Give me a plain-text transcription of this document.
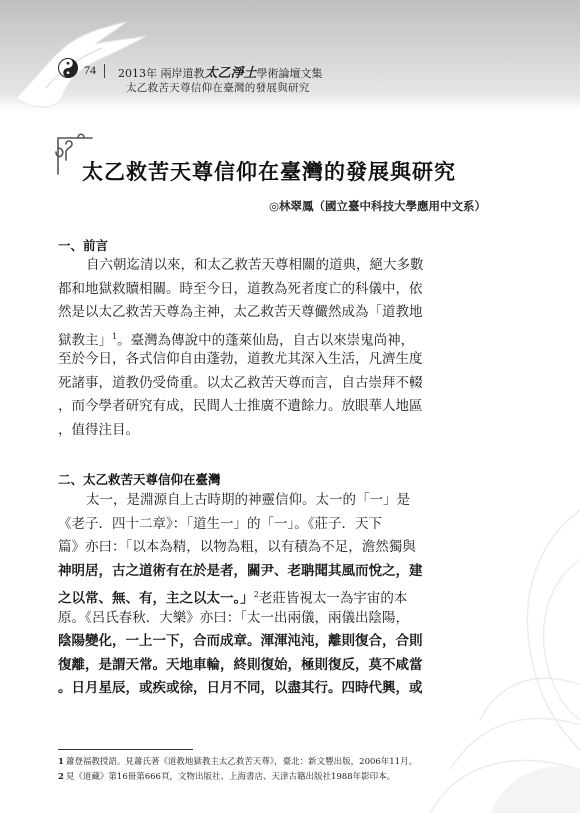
74 2013年 兩岸道教太乙淨土學術論壇文集
太乙救苦天尊信仰在臺灣的發展與研究
太乙救苦天尊信仰在臺灣的發展與研究
◎林翠鳳（國立臺中科技大學應用中文系）
一、前言
自六朝迄清以來，和太乙救苦天尊相關的道典，絕大多數
都和地獄救贖相關。時至今日，道教為死者度亡的科儀中，依
然是以太乙救苦天尊為主神，太乙救苦天尊儼然成為「道教地
獄教主」$^1$。臺灣為傳說中的蓬萊仙島，自古以來崇鬼尚神，
至於今日，各式信仰自由蓬勃，道教尤其深入生活，凡濟生度
死諸事，道教仍受倚重。以太乙救苦天尊而言，自古崇拜不輟
，而今學者研究有成，民間人士推廣不遺餘力。放眼華人地區
，值得注目。
二、太乙救苦天尊信仰在臺灣
太一，是淵源自上古時期的神靈信仰。太一的「一」是
《老子．四十二章》：「道生一」的「一」。《莊子．天下
篇》亦曰：「以本為精，以物為粗，以有積為不足，澹然獨與
神明居，古之道術有在於是者，關尹、老聃聞其風而悅之，建
之以常、無、有，主之以太一。」$^2$老莊皆視太一為宇宙的本
原。《呂氏春秋．大樂》亦曰：「太一出兩儀，兩儀出陰陽，
陰陽變化，一上一下，合而成章。渾渾沌沌，離則復合，合則
復離，是謂天常。天地車輪，終則復始，極則復反，莫不咸當
。日月星辰，或疾或徐，日月不同，以盡其行。四時代興，或
1 蕭登福教授語。見蕭氏著《道教地獄教主太乙救苦天尊》，臺北：新文豐出版，2006年11月。
2 見《道藏》第16冊第666頁，文物出版社、上海書店、天津古籍出版社1988年影印本。
